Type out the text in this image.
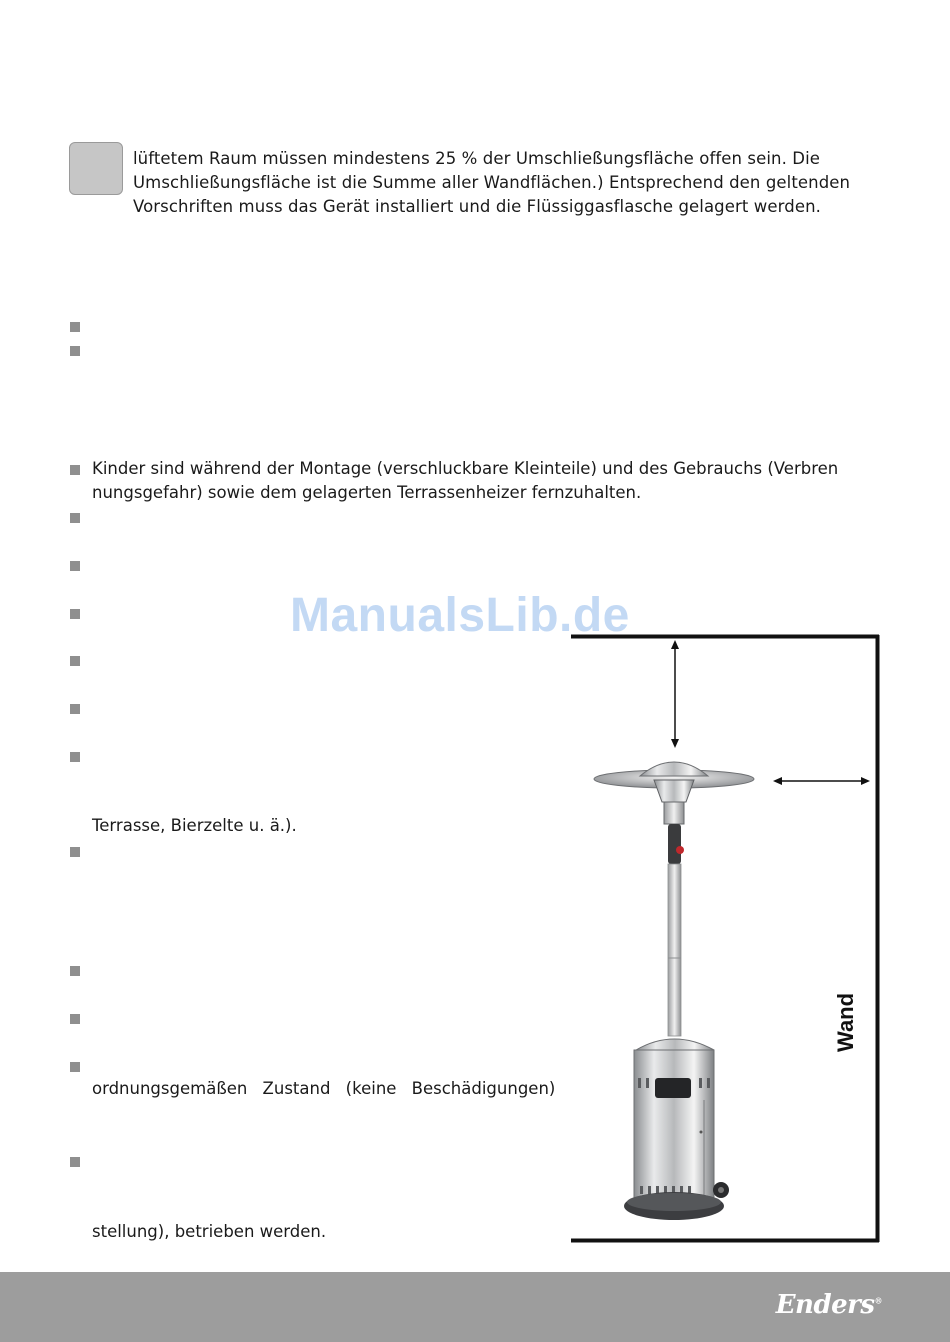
lüftetem Raum müssen mindestens 25 % der Umschließungsfläche offen sein. Die
Umschließungsfläche ist die Summe aller Wandflächen.) Entsprechend den geltenden
Vorschriften muss das Gerät installiert und die Flüssiggasflasche gelagert werden.
Kinder sind während der Montage (verschluckbare Kleinteile) und des Gebrauchs (Verbren
nungsgefahr) sowie dem gelagerten Terrassenheizer fernzuhalten.
Terrasse, Bierzelte u. ä.).
ordnungsgemäßen Zustand (keine Beschädigungen)
stellung), betrieben werden.
ManualsLib.de
Wand
Enders®
